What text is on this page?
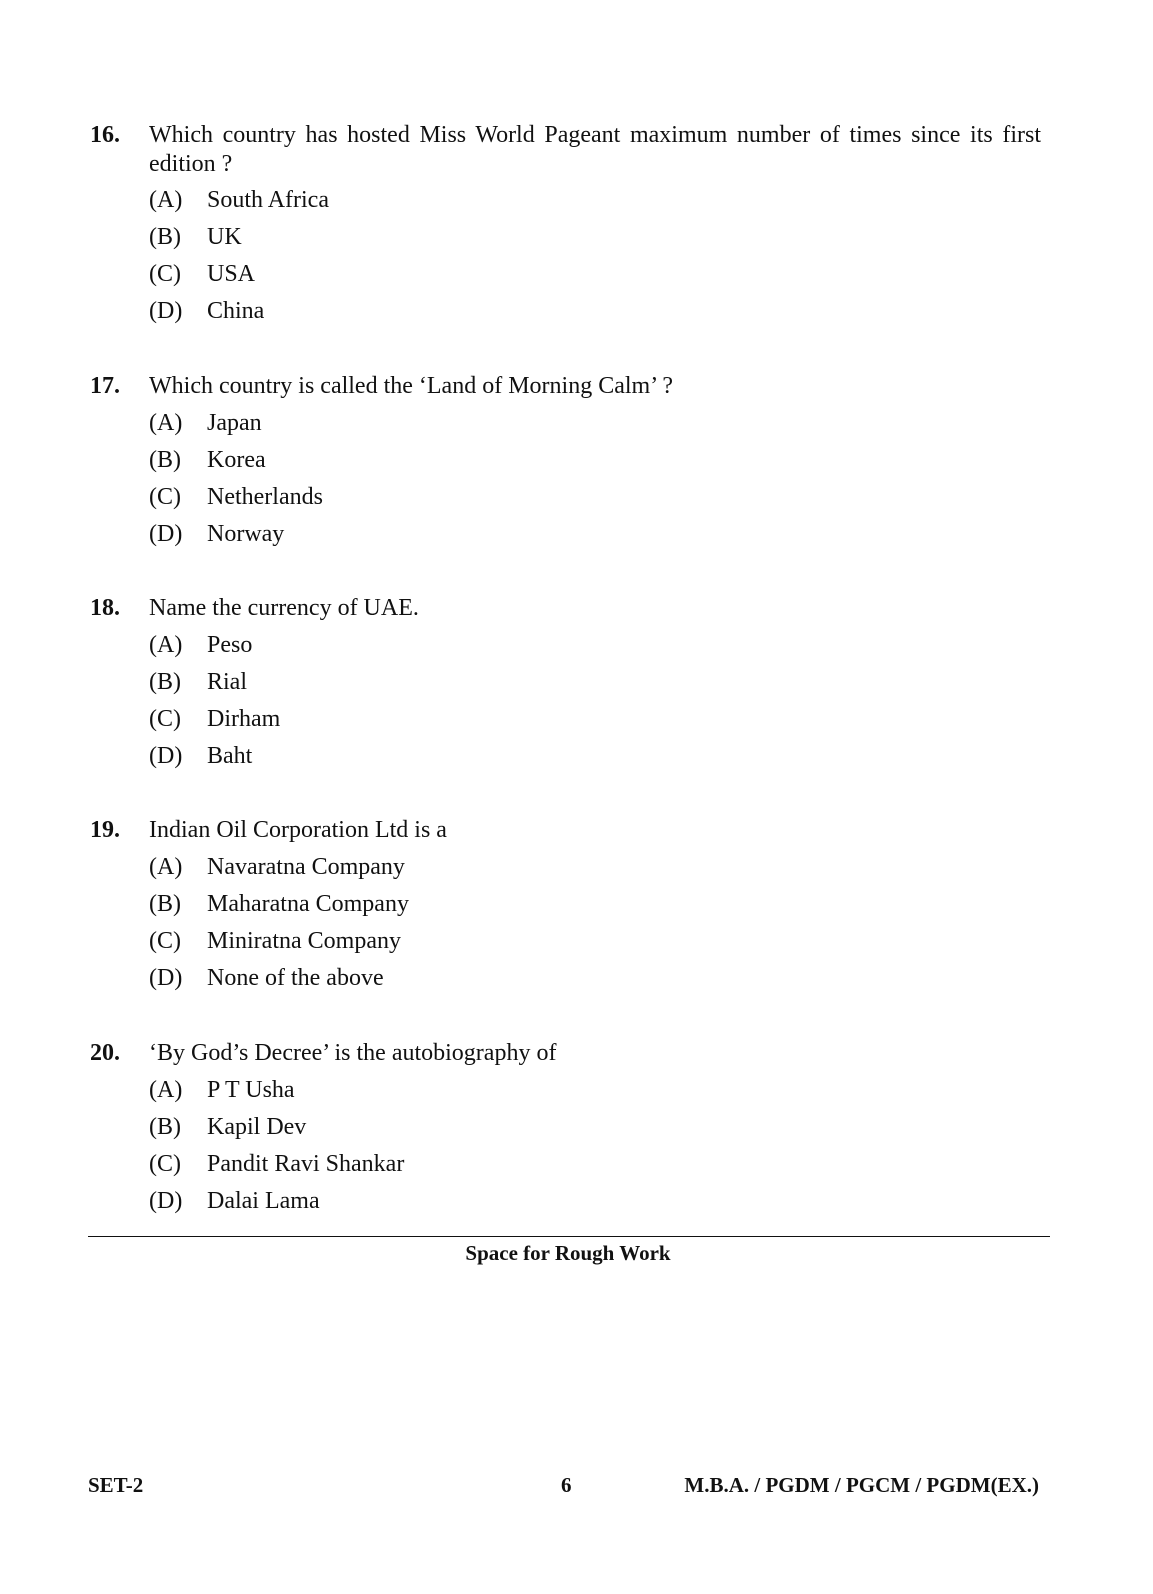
16. Which country has hosted Miss World Pageant maximum number of times since its first edition ?
(A) South Africa
(B) UK
(C) USA
(D) China
17. Which country is called the ‘Land of Morning Calm’ ?
(A) Japan
(B) Korea
(C) Netherlands
(D) Norway
18. Name the currency of UAE.
(A) Peso
(B) Rial
(C) Dirham
(D) Baht
19. Indian Oil Corporation Ltd is a
(A) Navaratna Company
(B) Maharatna Company
(C) Miniratna Company
(D) None of the above
20. ‘By God’s Decree’ is the autobiography of
(A) P T Usha
(B) Kapil Dev
(C) Pandit Ravi Shankar
(D) Dalai Lama
Space for Rough Work
SET-2	6	M.B.A. / PGDM / PGCM / PGDM(EX.)
